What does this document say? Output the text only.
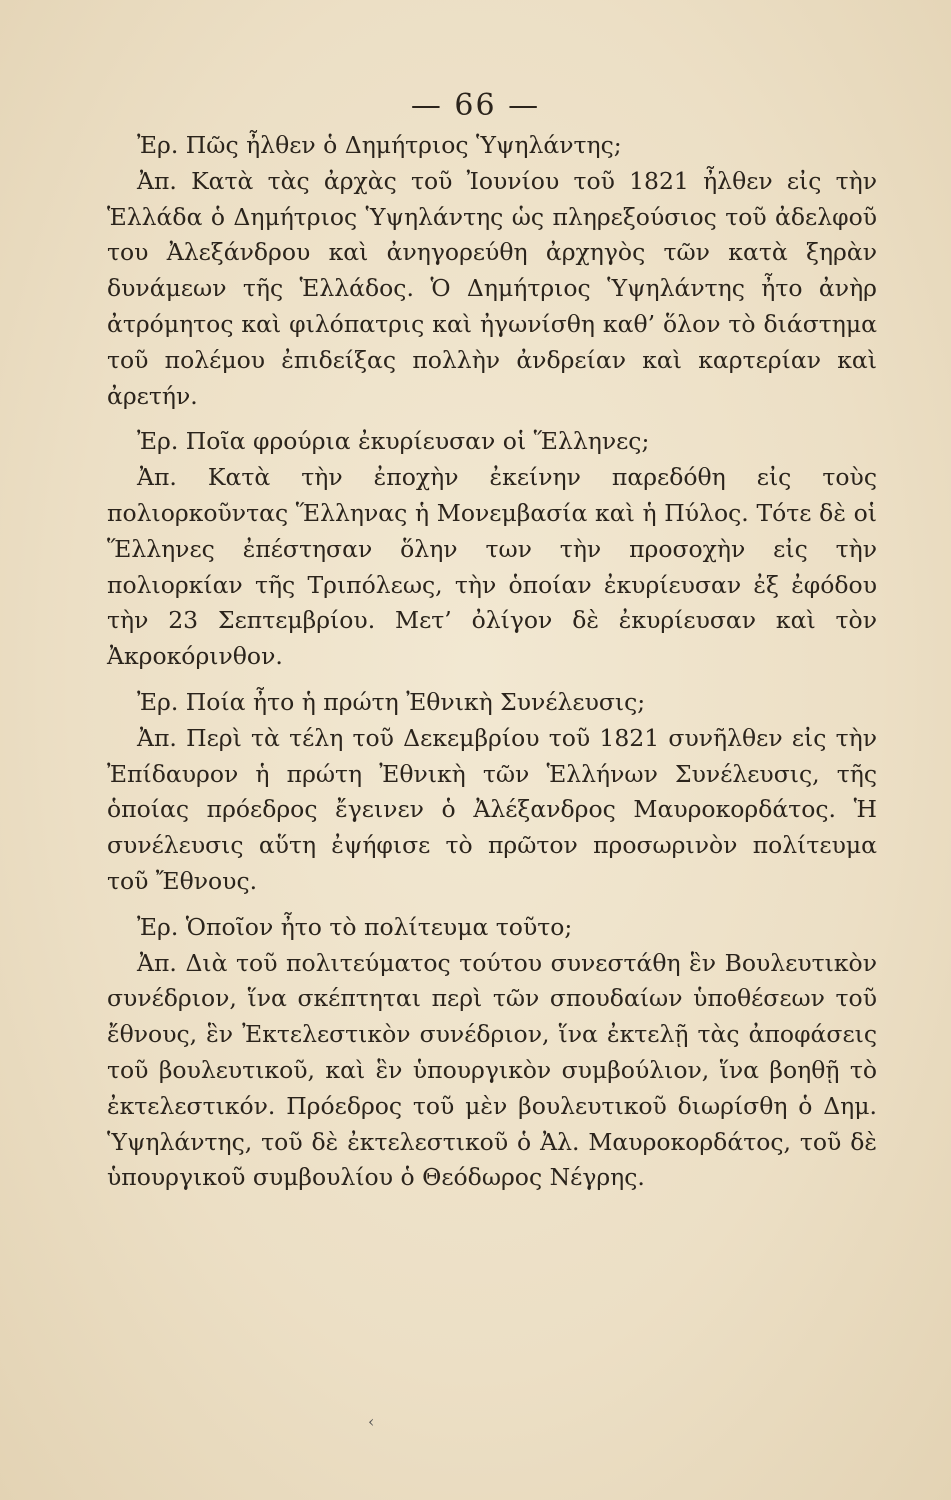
— 66 —

Ἐρ. Πῶς ἦλθεν ὁ Δημήτριος Ὑψηλάντης;

Ἀπ. Κατὰ τὰς ἀρχὰς τοῦ Ἰουνίου τοῦ 1821 ἦλθεν εἰς τὴν Ἑλλάδα ὁ Δημήτριος Ὑψηλάντης ὡς πληρεξούσιος τοῦ ἀδελφοῦ του Ἀλεξάνδρου καὶ ἀνηγορεύθη ἀρχηγὸς τῶν κατὰ ξηρὰν δυνάμεων τῆς Ἑλλάδος. Ὁ Δημήτριος Ὑψηλάντης ἦτο ἀνὴρ ἀτρόμητος καὶ φιλόπατρις καὶ ἠγωνίσθη καθ’ ὅλον τὸ διάστημα τοῦ πολέμου ἐπιδείξας πολλὴν ἀνδρείαν καὶ καρτερίαν καὶ ἀρετήν.

Ἐρ. Ποῖα φρούρια ἐκυρίευσαν οἱ Ἕλληνες;

Ἀπ. Κατὰ τὴν ἐποχὴν ἐκείνην παρεδόθη εἰς τοὺς πολιορκοῦντας Ἕλληνας ἡ Μονεμβασία καὶ ἡ Πύλος. Τότε δὲ οἱ Ἕλληνες ἐπέστησαν ὅλην των τὴν προσοχὴν εἰς τὴν πολιορκίαν τῆς Τριπόλεως, τὴν ὁποίαν ἐκυρίευσαν ἐξ ἐφόδου τὴν 23 Σεπτεμβρίου. Μετ’ ὀλίγον δὲ ἐκυρίευσαν καὶ τὸν Ἀκροκόρινθον.

Ἐρ. Ποία ἦτο ἡ πρώτη Ἐθνικὴ Συνέλευσις;

Ἀπ. Περὶ τὰ τέλη τοῦ Δεκεμβρίου τοῦ 1821 συνῆλθεν εἰς τὴν Ἐπίδαυρον ἡ πρώτη Ἐθνικὴ τῶν Ἑλλήνων Συνέλευσις, τῆς ὁποίας πρόεδρος ἔγεινεν ὁ Ἀλέξανδρος Μαυροκορδάτος. Ἡ συνέλευσις αὕτη ἐψήφισε τὸ πρῶτον προσωρινὸν πολίτευμα τοῦ Ἔθνους.

Ἐρ. Ὁποῖον ἦτο τὸ πολίτευμα τοῦτο;

Ἀπ. Διὰ τοῦ πολιτεύματος τούτου συνεστάθη ἓν Βουλευτικὸν συνέδριον, ἵνα σκέπτηται περὶ τῶν σπουδαίων ὑποθέσεων τοῦ ἔθνους, ἓν Ἐκτελεστικὸν συνέδριον, ἵνα ἐκτελῇ τὰς ἀποφάσεις τοῦ βουλευτικοῦ, καὶ ἓν ὑπουργικὸν συμβούλιον, ἵνα βοηθῇ τὸ ἐκτελεστικόν. Πρόεδρος τοῦ μὲν βουλευτικοῦ διωρίσθη ὁ Δημ. Ὑψηλάντης, τοῦ δὲ ἐκτελεστικοῦ ὁ Ἀλ. Μαυροκορδάτος, τοῦ δὲ ὑπουργικοῦ συμβουλίου ὁ Θεόδωρος Νέγρης.

‹
